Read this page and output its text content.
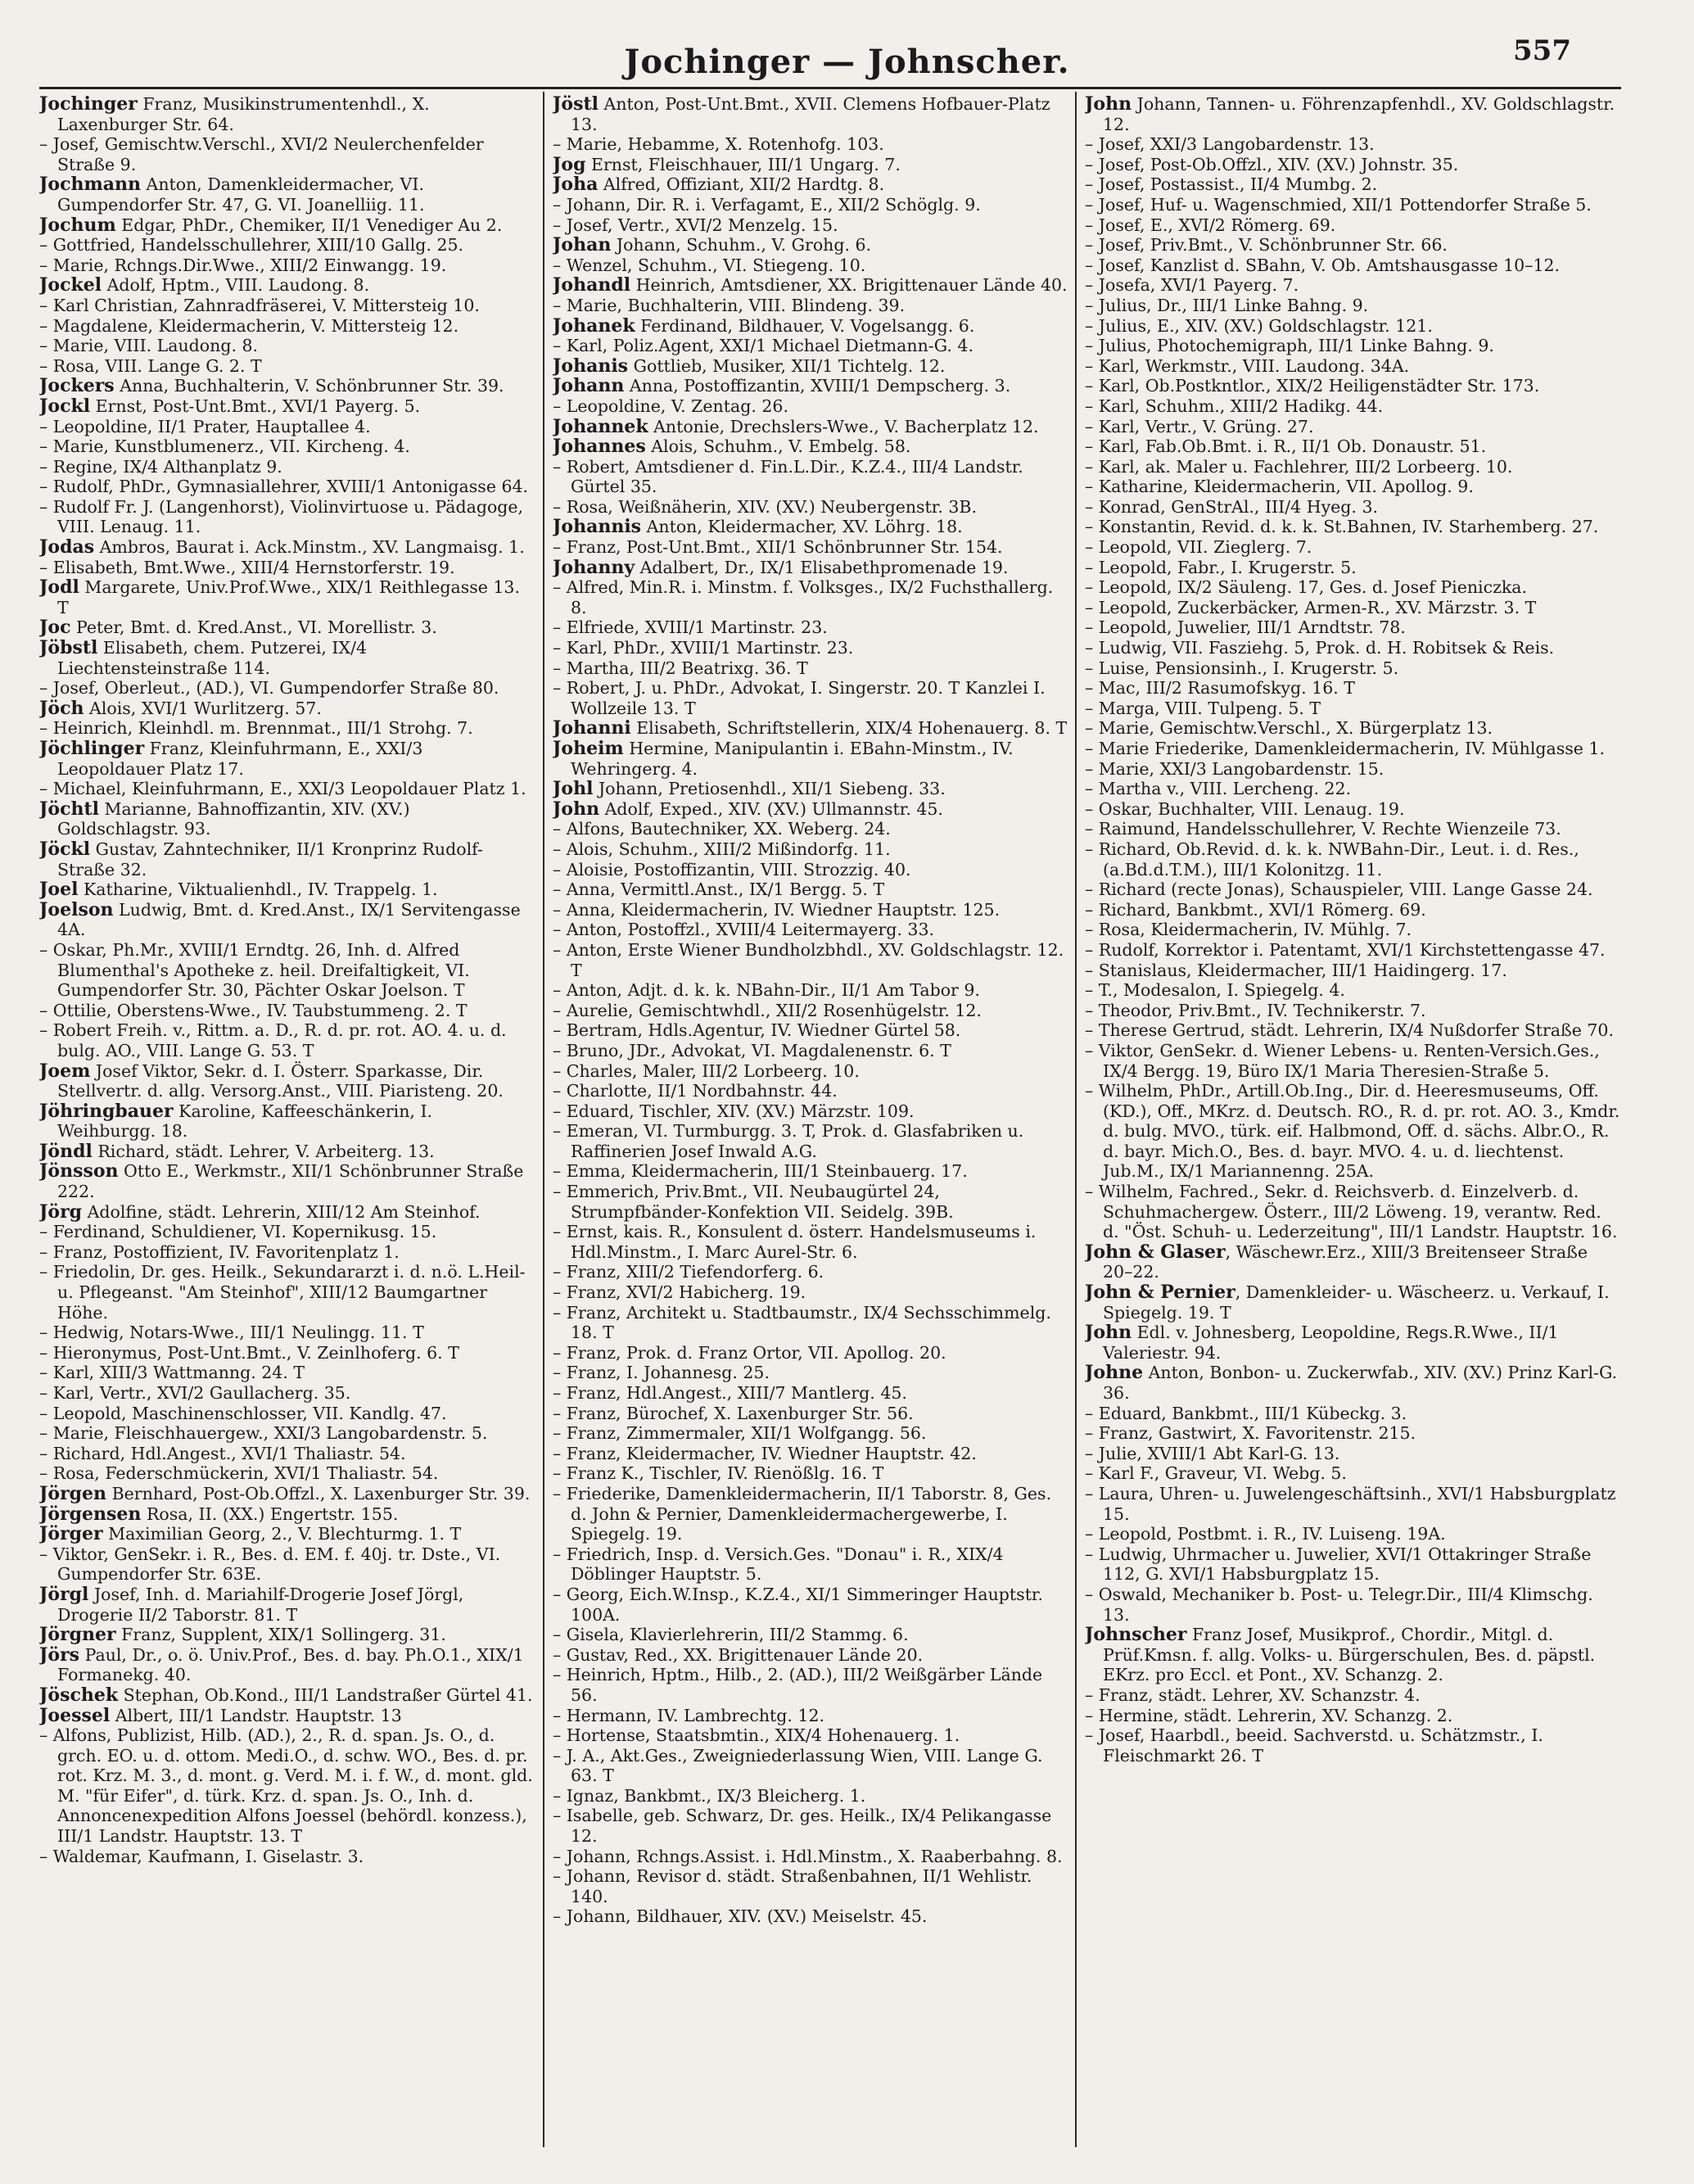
Jochinger — Johnscher.	557

Jochinger Franz, Musikinstrumentenhdl., X. Laxenburger Str. 64.

– Josef, Gemischtw.Verschl., XVI/2 Neulerchenfelder Straße 9.

Jochmann Anton, Damenkleidermacher, VI. Gumpendorfer Str. 47, G. VI. Joanelliig. 11.

Jochum Edgar, PhDr., Chemiker, II/1 Venediger Au 2.

– Gottfried, Handelsschullehrer, XIII/10 Gallg. 25.

– Marie, Rchngs.Dir.Wwe., XIII/2 Einwangg. 19.

Jockel Adolf, Hptm., VIII. Laudong. 8.

– Karl Christian, Zahnradfräserei, V. Mittersteig 10.

– Magdalene, Kleidermacherin, V. Mittersteig 12.

– Marie, VIII. Laudong. 8.

– Rosa, VIII. Lange G. 2. T

Jockers Anna, Buchhalterin, V. Schönbrunner Str. 39.

Jockl Ernst, Post-Unt.Bmt., XVI/1 Payerg. 5.

– Leopoldine, II/1 Prater, Hauptallee 4.

– Marie, Kunstblumenerz., VII. Kircheng. 4.

– Regine, IX/4 Althanplatz 9.

– Rudolf, PhDr., Gymnasiallehrer, XVIII/1 Antonigasse 64.

– Rudolf Fr. J. (Langenhorst), Violinvirtuose u. Pädagoge, VIII. Lenaug. 11.

Jodas Ambros, Baurat i. Ack.Minstm., XV. Langmaisg. 1.

– Elisabeth, Bmt.Wwe., XIII/4 Hernstorferstr. 19.

Jodl Margarete, Univ.Prof.Wwe., XIX/1 Reithlegasse 13. T

Joc Peter, Bmt. d. Kred.Anst., VI. Morellistr. 3.

Jöbstl Elisabeth, chem. Putzerei, IX/4 Liechtensteinstraße 114.

– Josef, Oberleut., (AD.), VI. Gumpendorfer Straße 80.

Jöch Alois, XVI/1 Wurlitzerg. 57.

– Heinrich, Kleinhdl. m. Brennmat., III/1 Strohg. 7.

Jöchlinger Franz, Kleinfuhrmann, E., XXI/3 Leopoldauer Platz 17.

– Michael, Kleinfuhrmann, E., XXI/3 Leopoldauer Platz 1.

Jöchtl Marianne, Bahnoffizantin, XIV. (XV.) Goldschlagstr. 93.

Jöckl Gustav, Zahntechniker, II/1 Kronprinz Rudolf-Straße 32.

Joel Katharine, Viktualienhdl., IV. Trappelg. 1.

Joelson Ludwig, Bmt. d. Kred.Anst., IX/1 Servitengasse 4A.

– Oskar, Ph.Mr., XVIII/1 Erndtg. 26, Inh. d. Alfred Blumenthal's Apotheke z. heil. Dreifaltigkeit, VI. Gumpendorfer Str. 30, Pächter Oskar Joelson. T

– Ottilie, Oberstens-Wwe., IV. Taubstummeng. 2. T

– Robert Freih. v., Rittm. a. D., R. d. pr. rot. AO. 4. u. d. bulg. AO., VIII. Lange G. 53. T

Joem Josef Viktor, Sekr. d. I. Österr. Sparkasse, Dir. Stellvertr. d. allg. Versorg.Anst., VIII. Piaristeng. 20.

Jöhringbauer Karoline, Kaffeeschänkerin, I. Weihburgg. 18.

Jöndl Richard, städt. Lehrer, V. Arbeiterg. 13.

Jönsson Otto E., Werkmstr., XII/1 Schönbrunner Straße 222.

Jörg Adolfine, städt. Lehrerin, XIII/12 Am Steinhof.

– Ferdinand, Schuldiener, VI. Kopernikusg. 15.

– Franz, Postoffizient, IV. Favoritenplatz 1.

– Friedolin, Dr. ges. Heilk., Sekundararzt i. d. n.ö. L.Heil- u. Pflegeanst. "Am Steinhof", XIII/12 Baumgartner Höhe.

– Hedwig, Notars-Wwe., III/1 Neulingg. 11. T

– Hieronymus, Post-Unt.Bmt., V. Zeinlhoferg. 6. T

– Karl, XIII/3 Wattmanng. 24. T

– Karl, Vertr., XVI/2 Gaullacherg. 35.

– Leopold, Maschinenschlosser, VII. Kandlg. 47.

– Marie, Fleischhauergew., XXI/3 Langobardenstr. 5.

– Richard, Hdl.Angest., XVI/1 Thaliastr. 54.

– Rosa, Federschmückerin, XVI/1 Thaliastr. 54.

Jörgen Bernhard, Post-Ob.Offzl., X. Laxenburger Str. 39.

Jörgensen Rosa, II. (XX.) Engertstr. 155.

Jörger Maximilian Georg, 2., V. Blechturmg. 1. T

– Viktor, GenSekr. i. R., Bes. d. EM. f. 40j. tr. Dste., VI. Gumpendorfer Str. 63E.

Jörgl Josef, Inh. d. Mariahilf-Drogerie Josef Jörgl, Drogerie II/2 Taborstr. 81. T

Jörgner Franz, Supplent, XIX/1 Sollingerg. 31.

Jörs Paul, Dr., o. ö. Univ.Prof., Bes. d. bay. Ph.O.1., XIX/1 Formanekg. 40.

Jöschek Stephan, Ob.Kond., III/1 Landstraßer Gürtel 41.

Joessel Albert, III/1 Landstr. Hauptstr. 13

– Alfons, Publizist, Hilb. (AD.), 2., R. d. span. Js. O., d. grch. EO. u. d. ottom. Medi.O., d. schw. WO., Bes. d. pr. rot. Krz. M. 3., d. mont. g. Verd. M. i. f. W., d. mont. gld. M. "für Eifer", d. türk. Krz. d. span. Js. O., Inh. d. Annoncenexpedition Alfons Joessel (behördl. konzess.), III/1 Landstr. Hauptstr. 13. T

– Waldemar, Kaufmann, I. Giselastr. 3.

Jöstl Anton, Post-Unt.Bmt., XVII. Clemens Hofbauer-Platz 13.

– Marie, Hebamme, X. Rotenhofg. 103.

Jog Ernst, Fleischhauer, III/1 Ungarg. 7.

Joha Alfred, Offiziant, XII/2 Hardtg. 8.

– Johann, Dir. R. i. Verfagamt, E., XII/2 Schöglg. 9.

– Josef, Vertr., XVI/2 Menzelg. 15.

Johan Johann, Schuhm., V. Grohg. 6.

– Wenzel, Schuhm., VI. Stiegeng. 10.

Johandl Heinrich, Amtsdiener, XX. Brigittenauer Lände 40.

– Marie, Buchhalterin, VIII. Blindeng. 39.

Johanek Ferdinand, Bildhauer, V. Vogelsangg. 6.

– Karl, Poliz.Agent, XXI/1 Michael Dietmann-G. 4.

Johanis Gottlieb, Musiker, XII/1 Tichtelg. 12.

Johann Anna, Postoffizantin, XVIII/1 Dempscherg. 3.

– Leopoldine, V. Zentag. 26.

Johannek Antonie, Drechslers-Wwe., V. Bacherplatz 12.

Johannes Alois, Schuhm., V. Embelg. 58.

– Robert, Amtsdiener d. Fin.L.Dir., K.Z.4., III/4 Landstr. Gürtel 35.

– Rosa, Weißnäherin, XIV. (XV.) Neubergenstr. 3B.

Johannis Anton, Kleidermacher, XV. Löhrg. 18.

– Franz, Post-Unt.Bmt., XII/1 Schönbrunner Str. 154.

Johanny Adalbert, Dr., IX/1 Elisabethpromenade 19.

– Alfred, Min.R. i. Minstm. f. Volksges., IX/2 Fuchsthallerg. 8.

– Elfriede, XVIII/1 Martinstr. 23.

– Karl, PhDr., XVIII/1 Martinstr. 23.

– Martha, III/2 Beatrixg. 36. T

– Robert, J. u. PhDr., Advokat, I. Singerstr. 20. T Kanzlei I. Wollzeile 13. T

Johanni Elisabeth, Schriftstellerin, XIX/4 Hohenauerg. 8. T

Joheim Hermine, Manipulantin i. EBahn-Minstm., IV. Wehringerg. 4.

Johl Johann, Pretiosenhdl., XII/1 Siebeng. 33.

John Adolf, Exped., XIV. (XV.) Ullmannstr. 45.

– Alfons, Bautechniker, XX. Weberg. 24.

– Alois, Schuhm., XIII/2 Mißindorfg. 11.

– Aloisie, Postoffizantin, VIII. Strozzig. 40.

– Anna, Vermittl.Anst., IX/1 Bergg. 5. T

– Anna, Kleidermacherin, IV. Wiedner Hauptstr. 125.

– Anton, Postoffzl., XVIII/4 Leitermayerg. 33.

– Anton, Erste Wiener Bundholzbhdl., XV. Goldschlagstr. 12. T

– Anton, Adjt. d. k. k. NBahn-Dir., II/1 Am Tabor 9.

– Aurelie, Gemischtwhdl., XII/2 Rosenhügelstr. 12.

– Bertram, Hdls.Agentur, IV. Wiedner Gürtel 58.

– Bruno, JDr., Advokat, VI. Magdalenenstr. 6. T

– Charles, Maler, III/2 Lorbeerg. 10.

– Charlotte, II/1 Nordbahnstr. 44.

– Eduard, Tischler, XIV. (XV.) Märzstr. 109.

– Emeran, VI. Turmburgg. 3. T, Prok. d. Glasfabriken u. Raffinerien Josef Inwald A.G.

– Emma, Kleidermacherin, III/1 Steinbauerg. 17.

– Emmerich, Priv.Bmt., VII. Neubaugürtel 24, Strumpfbänder-Konfektion VII. Seidelg. 39B.

– Ernst, kais. R., Konsulent d. österr. Handelsmuseums i. Hdl.Minstm., I. Marc Aurel-Str. 6.

– Franz, XIII/2 Tiefendorferg. 6.

– Franz, XVI/2 Habicherg. 19.

– Franz, Architekt u. Stadtbaumstr., IX/4 Sechsschimmelg. 18. T

– Franz, Prok. d. Franz Ortor, VII. Apollog. 20.

– Franz, I. Johannesg. 25.

– Franz, Hdl.Angest., XIII/7 Mantlerg. 45.

– Franz, Bürochef, X. Laxenburger Str. 56.

– Franz, Zimmermaler, XII/1 Wolfgangg. 56.

– Franz, Kleidermacher, IV. Wiedner Hauptstr. 42.

– Franz K., Tischler, IV. Rienößlg. 16. T

– Friederike, Damenkleidermacherin, II/1 Taborstr. 8, Ges. d. John & Pernier, Damenkleidermachergewerbe, I. Spiegelg. 19.

– Friedrich, Insp. d. Versich.Ges. "Donau" i. R., XIX/4 Döblinger Hauptstr. 5.

– Georg, Eich.W.Insp., K.Z.4., XI/1 Simmeringer Hauptstr. 100A.

– Gisela, Klavierlehrerin, III/2 Stammg. 6.

– Gustav, Red., XX. Brigittenauer Lände 20.

– Heinrich, Hptm., Hilb., 2. (AD.), III/2 Weißgärber Lände 56.

– Hermann, IV. Lambrechtg. 12.

– Hortense, Staatsbmtin., XIX/4 Hohenauerg. 1.

– J. A., Akt.Ges., Zweigniederlassung Wien, VIII. Lange G. 63. T

– Ignaz, Bankbmt., IX/3 Bleicherg. 1.

– Isabelle, geb. Schwarz, Dr. ges. Heilk., IX/4 Pelikangasse 12.

– Johann, Rchngs.Assist. i. Hdl.Minstm., X. Raaberbahng. 8.

– Johann, Revisor d. städt. Straßenbahnen, II/1 Wehlistr. 140.

– Johann, Bildhauer, XIV. (XV.) Meiselstr. 45.

John Johann, Tannen- u. Föhrenzapfenhdl., XV. Goldschlagstr. 12.

– Josef, XXI/3 Langobardenstr. 13.

– Josef, Post-Ob.Offzl., XIV. (XV.) Johnstr. 35.

– Josef, Postassist., II/4 Mumbg. 2.

– Josef, Huf- u. Wagenschmied, XII/1 Pottendorfer Straße 5.

– Josef, E., XVI/2 Römerg. 69.

– Josef, Priv.Bmt., V. Schönbrunner Str. 66.

– Josef, Kanzlist d. SBahn, V. Ob. Amtshausgasse 10–12.

– Josefa, XVI/1 Payerg. 7.

– Julius, Dr., III/1 Linke Bahng. 9.

– Julius, E., XIV. (XV.) Goldschlagstr. 121.

– Julius, Photochemigraph, III/1 Linke Bahng. 9.

– Karl, Werkmstr., VIII. Laudong. 34A.

– Karl, Ob.Postkntlor., XIX/2 Heiligenstädter Str. 173.

– Karl, Schuhm., XIII/2 Hadikg. 44.

– Karl, Vertr., V. Grüng. 27.

– Karl, Fab.Ob.Bmt. i. R., II/1 Ob. Donaustr. 51.

– Karl, ak. Maler u. Fachlehrer, III/2 Lorbeerg. 10.

– Katharine, Kleidermacherin, VII. Apollog. 9.

– Konrad, GenStrAl., III/4 Hyeg. 3.

– Konstantin, Revid. d. k. k. St.Bahnen, IV. Starhemberg. 27.

– Leopold, VII. Zieglerg. 7.

– Leopold, Fabr., I. Krugerstr. 5.

– Leopold, IX/2 Säuleng. 17, Ges. d. Josef Pieniczka.

– Leopold, Zuckerbäcker, Armen-R., XV. Märzstr. 3. T

– Leopold, Juwelier, III/1 Arndtstr. 78.

– Ludwig, VII. Fasziehg. 5, Prok. d. H. Robitsek & Reis.

– Luise, Pensionsinh., I. Krugerstr. 5.

– Mac, III/2 Rasumofskyg. 16. T

– Marga, VIII. Tulpeng. 5. T

– Marie, Gemischtw.Verschl., X. Bürgerplatz 13.

– Marie Friederike, Damenkleidermacherin, IV. Mühlgasse 1.

– Marie, XXI/3 Langobardenstr. 15.

– Martha v., VIII. Lercheng. 22.

– Oskar, Buchhalter, VIII. Lenaug. 19.

– Raimund, Handelsschullehrer, V. Rechte Wienzeile 73.

– Richard, Ob.Revid. d. k. k. NWBahn-Dir., Leut. i. d. Res., (a.Bd.d.T.M.), III/1 Kolonitzg. 11.

– Richard (recte Jonas), Schauspieler, VIII. Lange Gasse 24.

– Richard, Bankbmt., XVI/1 Römerg. 69.

– Rosa, Kleidermacherin, IV. Mühlg. 7.

– Rudolf, Korrektor i. Patentamt, XVI/1 Kirchstettengasse 47.

– Stanislaus, Kleidermacher, III/1 Haidingerg. 17.

– T., Modesalon, I. Spiegelg. 4.

– Theodor, Priv.Bmt., IV. Technikerstr. 7.

– Therese Gertrud, städt. Lehrerin, IX/4 Nußdorfer Straße 70.

– Viktor, GenSekr. d. Wiener Lebens- u. Renten-Versich.Ges., IX/4 Bergg. 19, Büro IX/1 Maria Theresien-Straße 5.

– Wilhelm, PhDr., Artill.Ob.Ing., Dir. d. Heeresmuseums, Off. (KD.), Off., MKrz. d. Deutsch. RO., R. d. pr. rot. AO. 3., Kmdr. d. bulg. MVO., türk. eif. Halbmond, Off. d. sächs. Albr.O., R. d. bayr. Mich.O., Bes. d. bayr. MVO. 4. u. d. liechtenst. Jub.M., IX/1 Mariannenng. 25A.

– Wilhelm, Fachred., Sekr. d. Reichsverb. d. Einzelverb. d. Schuhmachergew. Österr., III/2 Löweng. 19, verantw. Red. d. "Öst. Schuh- u. Lederzeitung", III/1 Landstr. Hauptstr. 16.

John & Glaser, Wäschewr.Erz., XIII/3 Breitenseer Straße 20–22.

John & Pernier, Damenkleider- u. Wäscheerz. u. Verkauf, I. Spiegelg. 19. T

John Edl. v. Johnesberg, Leopoldine, Regs.R.Wwe., II/1 Valeriestr. 94.

Johne Anton, Bonbon- u. Zuckerwfab., XIV. (XV.) Prinz Karl-G. 36.

– Eduard, Bankbmt., III/1 Kübeckg. 3.

– Franz, Gastwirt, X. Favoritenstr. 215.

– Julie, XVIII/1 Abt Karl-G. 13.

– Karl F., Graveur, VI. Webg. 5.

– Laura, Uhren- u. Juwelengeschäftsinh., XVI/1 Habsburgplatz 15.

– Leopold, Postbmt. i. R., IV. Luiseng. 19A.

– Ludwig, Uhrmacher u. Juwelier, XVI/1 Ottakringer Straße 112, G. XVI/1 Habsburgplatz 15.

– Oswald, Mechaniker b. Post- u. Telegr.Dir., III/4 Klimschg. 13.

Johnscher Franz Josef, Musikprof., Chordir., Mitgl. d. Prüf.Kmsn. f. allg. Volks- u. Bürgerschulen, Bes. d. päpstl. EKrz. pro Eccl. et Pont., XV. Schanzg. 2.

– Franz, städt. Lehrer, XV. Schanzstr. 4.

– Hermine, städt. Lehrerin, XV. Schanzg. 2.

– Josef, Haarbdl., beeid. Sachverstd. u. Schätzmstr., I. Fleischmarkt 26. T
